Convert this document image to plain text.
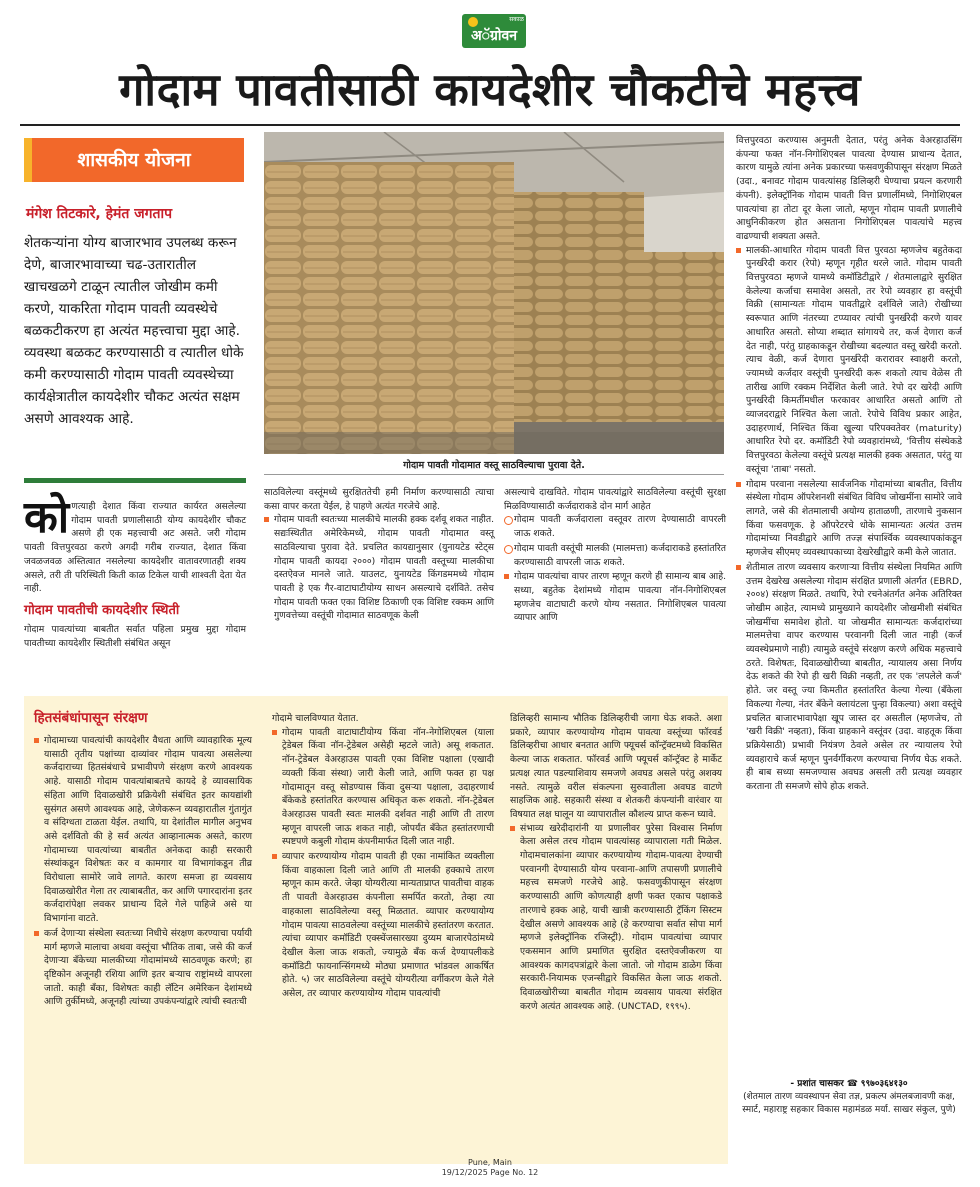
सकाळ
अॅग्रोवन
गोदाम पावतीसाठी कायदेशीर चौकटीचे महत्त्व
शासकीय योजना
मंगेश तिटकारे, हेमंत जगताप
शेतकऱ्यांना योग्य बाजारभाव उपलब्ध करून देणे, बाजारभावाच्या चढ-उतारातील खाचखळगे टाळून त्यातील जोखीम कमी करणे, याकरिता गोदाम पावती व्यवस्थेचे बळकटीकरण हा अत्यंत महत्त्वाचा मुद्दा आहे. व्यवस्था बळकट करण्यासाठी व त्यातील धोके कमी करण्यासाठी गोदाम पावती व्यवस्थेच्या कार्यक्षेत्रातील कायदेशीर चौकट अत्यंत सक्षम असणे आवश्यक आहे.
गोदाम पावती गोदामात वस्तू साठविल्याचा पुरावा देते.
को णत्याही देशात किंवा राज्यात कार्यरत असलेल्या गोदाम पावती प्रणालीसाठी योग्य कायदेशीर चौकट असणे ही एक महत्त्वाची अट असते. जरी गोदाम पावती वित्तपुरवठा करणे अगदी गरीब राज्यात, देशात किंवा जवळजवळ अस्तित्वात नसलेल्या कायदेशीर वातावरणातही शक्य असले, तरी ती परिस्थिती किती काळ टिकेल याची शाश्वती देता येत नाही.
गोदाम पावतीची कायदेशीर स्थिती
गोदाम पावत्यांच्या बाबतीत सर्वात पहिला प्रमुख मुद्दा गोदाम पावतीच्या कायदेशीर स्थितीशी संबंधित असून
साठविलेल्या वस्तूंमध्ये सुरक्षिततेची हमी निर्माण करण्यासाठी त्याचा कसा वापर करता येईल, हे पाहणे अत्यंत गरजेचे आहे.
गोदाम पावती स्वतःच्या मालकीचे मालकी हक्क दर्शवू शकत नाहीत. सद्यःस्थितीत अमेरिकेमध्ये, गोदाम पावती गोदामात वस्तू साठविल्याचा पुरावा देते. प्रचलित कायद्यानुसार (युनायटेड स्टेट्स गोदाम पावती कायदा २०००) गोदाम पावती वस्तूच्या मालकीचा दस्तऐवज मानले जाते. याउलट, युनायटेड किंगडममध्ये गोदाम पावती हे एक गैर-वाटाघाटीयोग्य साधन असल्याचे दर्शविते. तसेच गोदाम पावती फक्त एका विशिष्ट ठिकाणी एक विशिष्ट रक्कम आणि गुणवत्तेच्या वस्तूंची गोदामात साठवणूक केली
असल्याचे दाखविते. गोदाम पावत्यांद्वारे साठविलेल्या वस्तूंची सुरक्षा मिळविण्यासाठी कर्जदाराकडे दोन मार्ग आहेत
गोदाम पावती कर्जदाराला वस्तूवर तारण देण्यासाठी वापरली जाऊ शकते.
गोदाम पावती वस्तूंची मालकी (मालमत्ता) कर्जदाराकडे हस्तांतरित करण्यासाठी वापरली जाऊ शकते.
गोदाम पावत्यांचा वापर तारण म्हणून करणे ही सामान्य बाब आहे. सध्या, बहुतेक देशांमध्ये गोदाम पावत्या नॉन-निगोशिएबल म्हणजेच वाटाघाटी करणे योग्य नसतात. निगोशिएबल पावत्या व्यापार आणि
वित्तपुरवठा करण्यास अनुमती देतात, परंतु अनेक वेअरहाउसिंग कंपन्या फक्त नॉन-निगोशिएबल पावत्या देण्यास प्राधान्य देतात, कारण यामुळे त्यांना अनेक प्रकारच्या फसवणुकीपासून संरक्षण मिळते (उदा., बनावट गोदाम पावत्यांसह डिलिव्हरी घेण्याचा प्रयत्न करणारी कंपनी). इलेक्ट्रॉनिक गोदाम पावती वित्त प्रणालींमध्ये, निगोशिएबल पावत्यांचा हा तोटा दूर केला जातो, म्हणून गोदाम पावती प्रणालीचे आधुनिकीकरण होत असताना निगोशिएबल पावत्यांचे महत्त्व वाढण्याची शक्यता असते.
मालकी-आधारित गोदाम पावती वित्त पुरवठा म्हणजेच बहुतेकदा पुनर्खरेदी करार (रेपो) म्हणून गृहीत धरले जाते. गोदाम पावती वित्तपुरवठा म्हणजे यामध्ये कमॉडिटीद्वारे / शेतमालाद्वारे सुरक्षित केलेल्या कर्जाचा समावेश असतो, तर रेपो व्यवहार हा वस्तूंची विक्री (सामान्यतः गोदाम पावतीद्वारे दर्शविले जाते) रोखीच्या स्वरूपात आणि नंतरच्या टप्प्यावर त्यांची पुनर्खरेदी करणे यावर आधारित असतो. सोप्या शब्दात सांगायचे तर, कर्ज देणारा कर्ज देत नाही, परंतु ग्राहकाकडून रोखीच्या बदल्यात वस्तू खरेदी करतो. त्याच वेळी, कर्ज देणारा पुनर्खरेदी करारावर स्वाक्षरी करतो, ज्यामध्ये कर्जदार वस्तूंची पुनर्खरेदी करू शकतो त्याच वेळेस ती तारीख आणि रक्कम निर्देशित केली जाते. रेपो दर खरेदी आणि पुनर्खरेदी किमतींमधील फरकावर आधारित असतो आणि तो व्याजदराद्वारे निश्चित केला जातो. रेपोचे विविध प्रकार आहेत, उदाहरणार्थ, निश्चित किंवा खुल्या परिपक्वतेवर (maturity) आधारित रेपो दर. कमॉडिटी रेपो व्यवहारांमध्ये, 'वित्तीय संस्थेकडे वित्तपुरवठा केलेल्या वस्तूंचे प्रत्यक्ष मालकी हक्क असतात, परंतु या वस्तूंचा 'ताबा' नसतो.
गोदाम परवाना नसलेल्या सार्वजनिक गोदामांच्या बाबतीत, वित्तीय संस्थेला गोदाम ऑपरेशनशी संबंधित विविध जोखमींना सामोरे जावे लागते, जसे की शेतमालाची अयोग्य हाताळणी, तारणाचे नुकसान किंवा फसवणूक. हे ऑपरेटरचे धोके सामान्यतः अत्यंत उत्तम गोदामांच्या निवडीद्वारे आणि तज्ज्ञ संपार्श्विक व्यवस्थापकांकडून म्हणजेच सीएमए व्यवस्थापकाच्या देखरेखीद्वारे कमी केले जातात.
शेतीमाल तारण व्यवसाय करणाऱ्या वित्तीय संस्थेला नियमित आणि उत्तम देखरेख असलेल्या गोदाम संरक्षित प्रणाली अंतर्गत (EBRD, २००४) संरक्षण मिळते. तथापि, रेपो रचनेअंतर्गत अनेक अतिरिक्त जोखीम आहेत, त्यामध्ये प्रामुख्याने कायदेशीर जोखमीशी संबंधित जोखमींचा समावेश होतो. या जोखमीत सामान्यतः कर्जदारांच्या मालमत्तेचा वापर करण्यास परवानगी दिली जात नाही (कर्ज व्यवस्थेप्रमाणे नाही) त्यामुळे वस्तूंचे संरक्षण करणे अधिक महत्त्वाचे ठरते. विशेषतः, दिवाळखोरीच्या बाबतीत, न्यायालय असा निर्णय देऊ शकते की रेपो ही खरी विक्री नव्हती, तर एक 'लपलेले कर्ज' होते. जर वस्तू ज्या किमतीत हस्तांतरित केल्या गेल्या (बँकेला विकल्या गेल्या, नंतर बँकेने क्लायंटला पुन्हा विकल्या) अशा वस्तूंचे प्रचलित बाजारभावापेक्षा खूप जास्त दर असतील (म्हणजेच, तो 'खरी विक्री' नव्हता), किंवा ग्राहकाने वस्तूंवर (उदा. वाहतूक किंवा प्रक्रियेसाठी) प्रभावी नियंत्रण ठेवले असेल तर न्यायालय रेपो व्यवहाराचे कर्ज म्हणून पुनर्वर्गीकरण करण्याचा निर्णय घेऊ शकते. ही बाब सध्या समजण्यास अवघड असली तरी प्रत्यक्ष व्यवहार करताना ती समजणे सोपे होऊ शकते.
हितसंबंधांपासून संरक्षण
गोदामाच्या पावत्यांची कायदेशीर वैधता आणि व्यावहारिक मूल्य यासाठी तृतीय पक्षांच्या दाव्यांवर गोदाम पावत्या असलेल्या कर्जदाराच्या हितसंबंधाचे प्रभावीपणे संरक्षण करणे आवश्यक आहे. यासाठी गोदाम पावत्यांबाबतचे कायदे हे व्यावसायिक संहिता आणि दिवाळखोरी प्रक्रियेशी संबंधित इतर कायद्यांशी सुसंगत असणे आवश्यक आहे, जेणेकरून व्यवहारातील गुंतागुंत व संदिग्धता टाळता येईल. तथापि, या देशांतील मागील अनुभव असे दर्शवितो की हे सर्व अत्यंत आव्हानात्मक असते, कारण गोदामाच्या पावत्यांच्या बाबतीत अनेकदा काही सरकारी संस्थांकडून विशेषतः कर व कामगार या विभागांकडून तीव्र विरोधाला सामोरे जावे लागते. कारण समजा हा व्यवसाय दिवाळखोरीत गेला तर त्याबाबतीत, कर आणि पगारदारांना इतर कर्जदारांपेक्षा लवकर प्राधान्य दिले गेले पाहिजे असे या विभागांना वाटते.
कर्ज देणाऱ्या संस्थेला स्वतःच्या निधीचे संरक्षण करण्याचा पर्यायी मार्ग म्हणजे मालाचा अथवा वस्तूंचा भौतिक ताबा, जसे की कर्ज देणाऱ्या बँकेच्या मालकीच्या गोदामांमध्ये साठवणूक करणे; हा दृष्टिकोन अजूनही रशिया आणि इतर बऱ्याच राष्ट्रांमध्ये वापरला जातो. काही बँका, विशेषतः काही लॅटिन अमेरिकन देशांमध्ये आणि तुर्कीमध्ये, अजूनही त्यांच्या उपकंपन्यांद्वारे त्यांची स्वतःची
गोदामे चालविण्यात येतात.
गोदाम पावती वाटाघाटीयोग्य किंवा नॉन-नेगोशिएबल (याला ट्रेडेबल किंवा नॉन-ट्रेडेबल असेही म्हटले जाते) असू शकतात. नॉन-ट्रेडेबल वेअरहाउस पावती एका विशिष्ट पक्षाला (एखादी व्यक्ती किंवा संस्था) जारी केली जाते, आणि फक्त हा पक्ष गोदामातून वस्तू सोडण्यास किंवा दुसऱ्या पक्षाला, उदाहरणार्थ बँकेकडे हस्तांतरित करण्यास अधिकृत करू शकतो. नॉन-ट्रेडेबल वेअरहाउस पावती स्वतः मालकी दर्शवत नाही आणि ती तारण म्हणून वापरली जाऊ शकत नाही, जोपर्यंत बँकेत हस्तांतरणाची स्पष्टपणे कबुली गोदाम कंपनीमार्फत दिली जात नाही.
व्यापार करण्यायोग्य गोदाम पावती ही एका नामांकित व्यक्तीला किंवा वाहकाला दिली जाते आणि ती मालकी हक्काचे तारण म्हणून काम करते. जेव्हा योग्यरीत्या मान्यताप्राप्त पावतीचा वाहक ती पावती वेअरहाउस कंपनीला समर्पित करतो, तेव्हा त्या वाहकाला साठविलेल्या वस्तू मिळतात. व्यापार करण्यायोग्य गोदाम पावत्या साठवलेल्या वस्तूंच्या मालकीचे हस्तांतरण करतात. त्यांचा व्यापार कमॉडिटी एक्स्चेंजसारख्या दुय्यम बाजारपेठांमध्ये देखील केला जाऊ शकतो, ज्यामुळे बँक कर्ज देण्यापलीकडे कमॉडिटी फायनान्सिंगमध्ये मोठ्या प्रमाणात भांडवल आकर्षित होते. ५) जर साठविलेल्या वस्तूंचे योग्यरीत्या वर्गीकरण केले गेले असेल, तर व्यापार करण्यायोग्य गोदाम पावत्यांची
डिलिव्हरी सामान्य भौतिक डिलिव्हरीची जागा घेऊ शकते. अशा प्रकारे, व्यापार करण्यायोग्य गोदाम पावत्या वस्तूंच्या फॉरवर्ड डिलिव्हरीचा आधार बनतात आणि फ्यूचर्स कॉन्ट्रॅक्टमध्ये विकसित केल्या जाऊ शकतात. फॉरवर्ड आणि फ्यूचर्स कॉन्ट्रॅक्ट हे मार्केट प्रत्यक्ष त्यात पडल्याशिवाय समजणे अवघड असले परंतु अशक्य नसते. त्यामुळे वरील संकल्पना सुरुवातीला अवघड वाटणे साहजिक आहे. सहकारी संस्था व शेतकरी कंपन्यांनी वारंवार या विषयात लक्ष घालून या व्यापारातील कौशल्य प्राप्त करून घ्यावे.
संभाव्य खरेदीदारांनी या प्रणालीवर पुरेसा विश्वास निर्माण केला असेल तरच गोदाम पावत्यांसह व्यापाराला गती मिळेल. गोदामचालकांना व्यापार करण्यायोग्य गोदाम-पावत्या देण्याची परवानगी देण्यासाठी योग्य परवाना-आणि तपासणी प्रणालीचे महत्त्व समजणे गरजेचे आहे. फसवणुकीपासून संरक्षण करण्यासाठी आणि कोणत्याही क्षणी फक्त एकाच पक्षाकडे तारणाचे हक्क आहे, याची खात्री करण्यासाठी ट्रॅकिंग सिस्टम देखील असणे आवश्यक आहे (हे करण्याचा सर्वात सोपा मार्ग म्हणजे इलेक्ट्रॉनिक रजिस्ट्री). गोदाम पावत्यांचा व्यापार एकसमान आणि प्रमाणित सुरक्षित दस्तऐवजीकरण या आवश्यक कागदपत्रांद्वारे केला जातो. जो गोदाम डाळेग किंवा सरकारी-नियामक एजन्सीद्वारे विकसित केला जाऊ शकतो. दिवाळखोरीच्या बाबतीत गोदाम व्यवसाय पावत्या संरक्षित करणे अत्यंत आवश्यक आहे. (UNCTAD, १९९५).
- प्रशांत चासकर ☎ ९९७०३६४१३०
(शेतमाल तारण व्यवस्थापन सेवा तज्ञ, प्रकल्प अंमलबजावणी कक्ष, स्मार्ट, महाराष्ट्र सहकार विकास महामंडळ मर्या. साखर संकुल, पुणे)
Pune, Main
19/12/2025 Page No. 12
